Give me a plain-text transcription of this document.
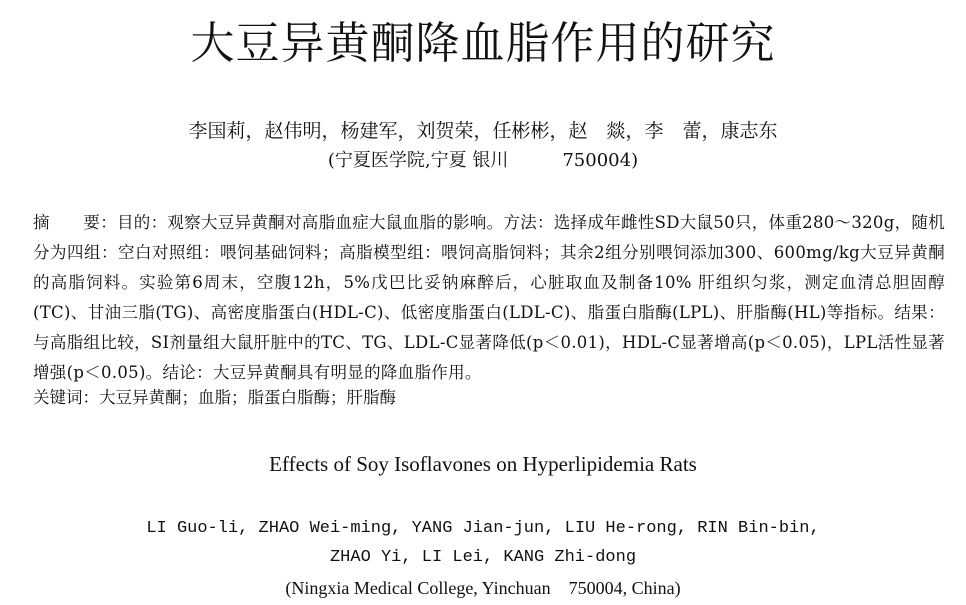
大豆异黄酮降血脂作用的研究
李国莉，赵伟明，杨建军，刘贺荣，任彬彬，赵　燚，李　蕾，康志东
(宁夏医学院,宁夏 银川　　　750004)
摘　　要：目的：观察大豆异黄酮对高脂血症大鼠血脂的影响。方法：选择成年雌性SD大鼠50只，体重280～320g，随机分为四组：空白对照组：喂饲基础饲料；高脂模型组：喂饲高脂饲料；其余2组分别喂饲添加300、600mg/kg大豆异黄酮的高脂饲料。实验第6周末，空腹12h，5%戊巴比妥钠麻醉后，心脏取血及制备10% 肝组织匀浆，测定血清总胆固醇(TC)、甘油三脂(TG)、高密度脂蛋白(HDL-C)、低密度脂蛋白(LDL-C)、脂蛋白脂酶(LPL)、肝脂酶(HL)等指标。结果：与高脂组比较，SI剂量组大鼠肝脏中的TC、TG、LDL-C显著降低(p＜0.01)，HDL-C显著增高(p＜0.05)，LPL活性显著增强(p＜0.05)。结论：大豆异黄酮具有明显的降血脂作用。
关键词：大豆异黄酮；血脂；脂蛋白脂酶；肝脂酶
Effects of Soy Isoflavones on Hyperlipidemia Rats
LI Guo-li, ZHAO Wei-ming, YANG Jian-jun, LIU He-rong, RIN Bin-bin,
ZHAO Yi, LI Lei, KANG Zhi-dong
(Ningxia Medical College, Yinchuan    750004, China)
